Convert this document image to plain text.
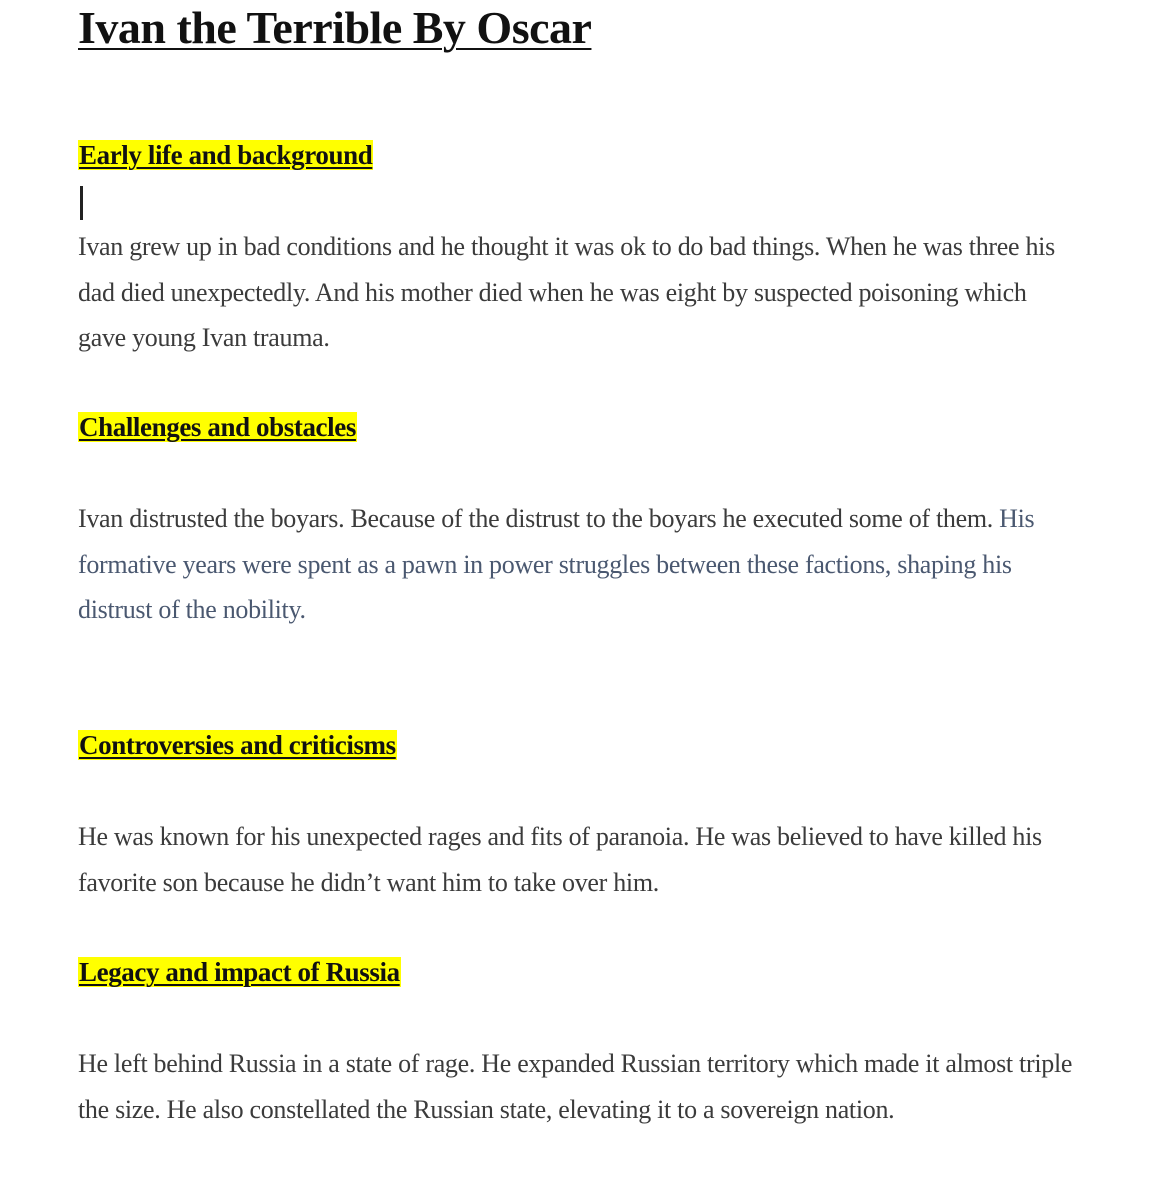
Ivan the Terrible By Oscar
Early life and background

Ivan grew up in bad conditions and he thought it was ok to do bad things. When he was three his dad died unexpectedly. And his mother died when he was eight by suspected poisoning which gave young Ivan trauma.

Challenges and obstacles

Ivan distrusted the boyars. Because of the distrust to the boyars he executed some of them. His formative years were spent as a pawn in power struggles between these factions, shaping his distrust of the nobility.

Controversies and criticisms

He was known for his unexpected rages and fits of paranoia. He was believed to have killed his favorite son because he didn’t want him to take over him.

Legacy and impact of Russia

He left behind Russia in a state of rage. He expanded Russian territory which made it almost triple the size. He also constellated the Russian state, elevating it to a sovereign nation.
